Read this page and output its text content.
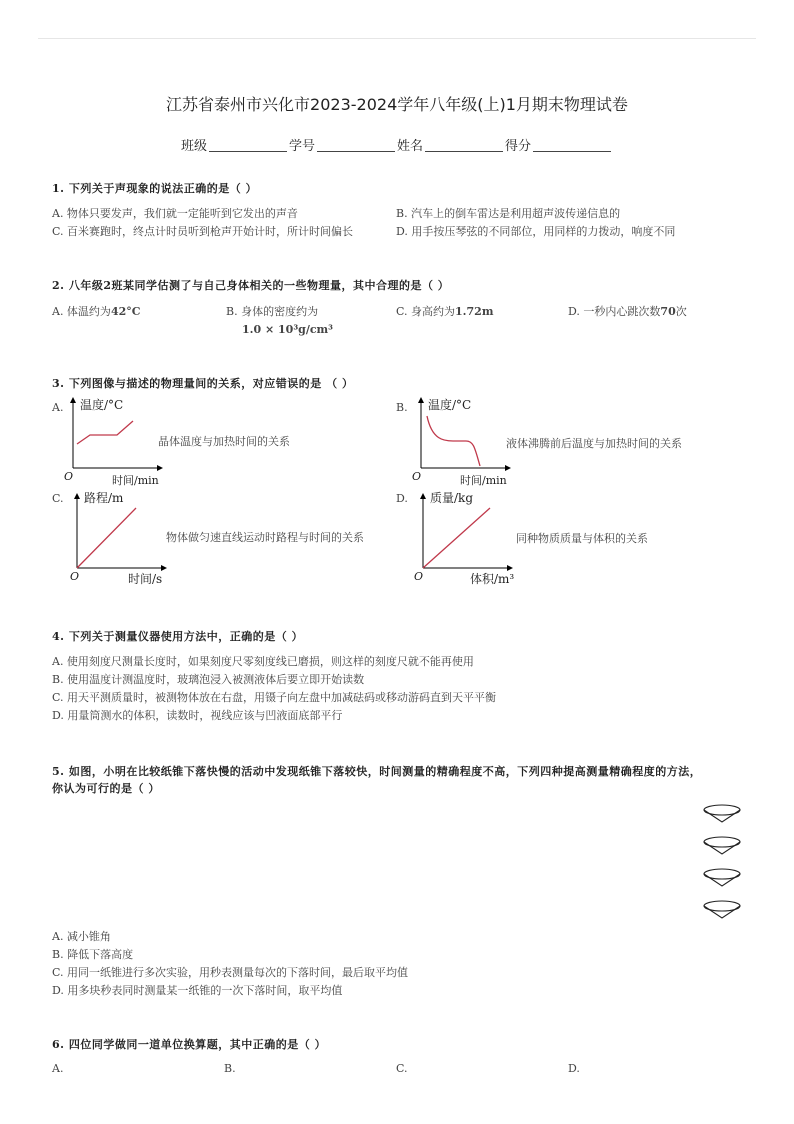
江苏省泰州市兴化市2023-2024学年八年级(上)1月期末物理试卷
班级	学号	姓名	得分
1. 下列关于声现象的说法正确的是（ ）
A. 物体只要发声，我们就一定能听到它发出的声音	B. 汽车上的倒车雷达是利用超声波传递信息的
C. 百米赛跑时，终点计时员听到枪声开始计时，所计时间偏长	D. 用手按压琴弦的不同部位，用同样的力拨动，响度不同
2. 八年级2班某同学估测了与自己身体相关的一些物理量，其中合理的是（ ）
A. 体温约为42°C	B. 身体的密度约为
1.0 × 10³g/cm³
C. 身高约为1.72m	D. 一秒内心跳次数70次
3. 下列图像与描述的物理量间的关系，对应错误的是 （ ）
A. 温度/°C
O	时间/min
晶体温度与加热时间的关系
B. 温度/°C
O	时间/min
液体沸腾前后温度与加热时间的关系
C. 路程/m
O	时间/s
物体做匀速直线运动时路程与时间的关系
D. 质量/kg
O	体积/m³
同种物质质量与体积的关系
4. 下列关于测量仪器使用方法中，正确的是（ ）
A. 使用刻度尺测量长度时，如果刻度尺零刻度线已磨损，则这样的刻度尺就不能再使用
B. 使用温度计测温度时，玻璃泡浸入被测液体后要立即开始读数
C. 用天平测质量时，被测物体放在右盘，用镊子向左盘中加减砝码或移动游码直到天平平衡
D. 用量筒测水的体积，读数时，视线应该与凹液面底部平行
5. 如图，小明在比较纸锥下落快慢的活动中发现纸锥下落较快，时间测量的精确程度不高，下列四种提高测量精确程度的方法，
你认为可行的是（ ）
A. 减小锥角
B. 降低下落高度
C. 用同一纸锥进行多次实验，用秒表测量每次的下落时间，最后取平均值
D. 用多块秒表同时测量某一纸锥的一次下落时间，取平均值
6. 四位同学做同一道单位换算题，其中正确的是（ ）
A.	B.	C.	D.
